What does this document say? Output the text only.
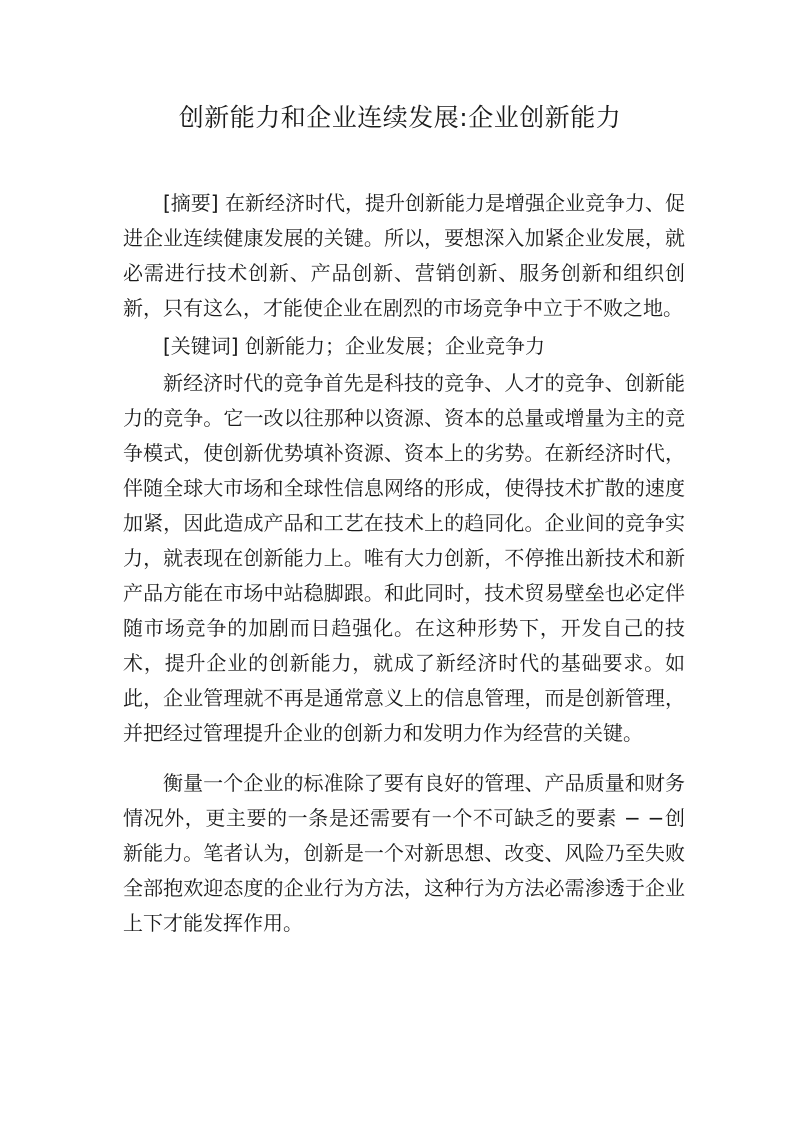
创新能力和企业连续发展:企业创新能力

[摘要] 在新经济时代，提升创新能力是增强企业竞争力、促进企业连续健康发展的关键。所以，要想深入加紧企业发展，就必需进行技术创新、产品创新、营销创新、服务创新和组织创新，只有这么，才能使企业在剧烈的市场竞争中立于不败之地。

[关键词] 创新能力；企业发展；企业竞争力

新经济时代的竞争首先是科技的竞争、人才的竞争、创新能力的竞争。它一改以往那种以资源、资本的总量或增量为主的竞争模式，使创新优势填补资源、资本上的劣势。在新经济时代，伴随全球大市场和全球性信息网络的形成，使得技术扩散的速度加紧，因此造成产品和工艺在技术上的趋同化。企业间的竞争实力，就表现在创新能力上。唯有大力创新，不停推出新技术和新产品方能在市场中站稳脚跟。和此同时，技术贸易壁垒也必定伴随市场竞争的加剧而日趋强化。在这种形势下，开发自己的技术，提升企业的创新能力，就成了新经济时代的基础要求。如此，企业管理就不再是通常意义上的信息管理，而是创新管理，并把经过管理提升企业的创新力和发明力作为经营的关键。

衡量一个企业的标准除了要有良好的管理、产品质量和财务情况外，更主要的一条是还需要有一个不可缺乏的要素 − −创新能力。笔者认为，创新是一个对新思想、改变、风险乃至失败全部抱欢迎态度的企业行为方法，这种行为方法必需渗透于企业上下才能发挥作用。
